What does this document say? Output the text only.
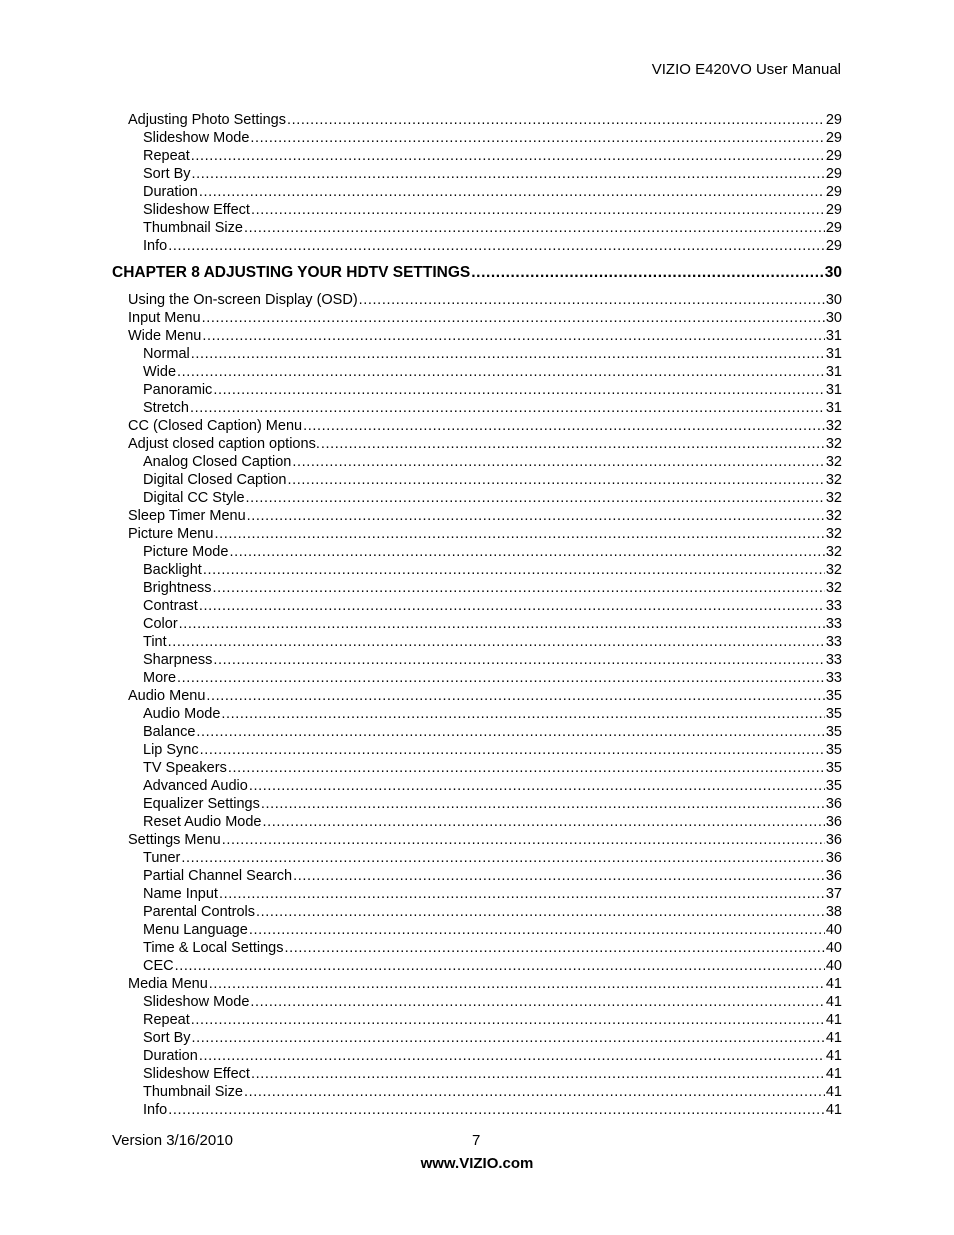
VIZIO E420VO User Manual
Adjusting Photo Settings .....	29
Slideshow Mode .....	29
Repeat .....	29
Sort By .....	29
Duration .....	29
Slideshow Effect .....	29
Thumbnail Size .....	29
Info .....	29
CHAPTER 8 ADJUSTING YOUR HDTV SETTINGS .....	30
Using the On-screen Display (OSD) .....	30
Input Menu .....	30
Wide Menu .....	31
Normal .....	31
Wide .....	31
Panoramic .....	31
Stretch .....	31
CC (Closed Caption) Menu .....	32
Adjust closed caption options. .....	32
Analog Closed Caption .....	32
Digital Closed Caption .....	32
Digital CC Style .....	32
Sleep Timer Menu .....	32
Picture Menu .....	32
Picture Mode .....	32
Backlight .....	32
Brightness .....	32
Contrast .....	33
Color .....	33
Tint .....	33
Sharpness .....	33
More .....	33
Audio Menu .....	35
Audio Mode .....	35
Balance .....	35
Lip Sync .....	35
TV Speakers .....	35
Advanced Audio .....	35
Equalizer Settings .....	36
Reset Audio Mode .....	36
Settings Menu .....	36
Tuner .....	36
Partial Channel Search .....	36
Name Input .....	37
Parental Controls .....	38
Menu Language .....	40
Time & Local Settings .....	40
CEC .....	40
Media Menu .....	41
Slideshow Mode .....	41
Repeat .....	41
Sort By .....	41
Duration .....	41
Slideshow Effect .....	41
Thumbnail Size .....	41
Info .....	41
Version 3/16/2010	7
www.VIZIO.com
